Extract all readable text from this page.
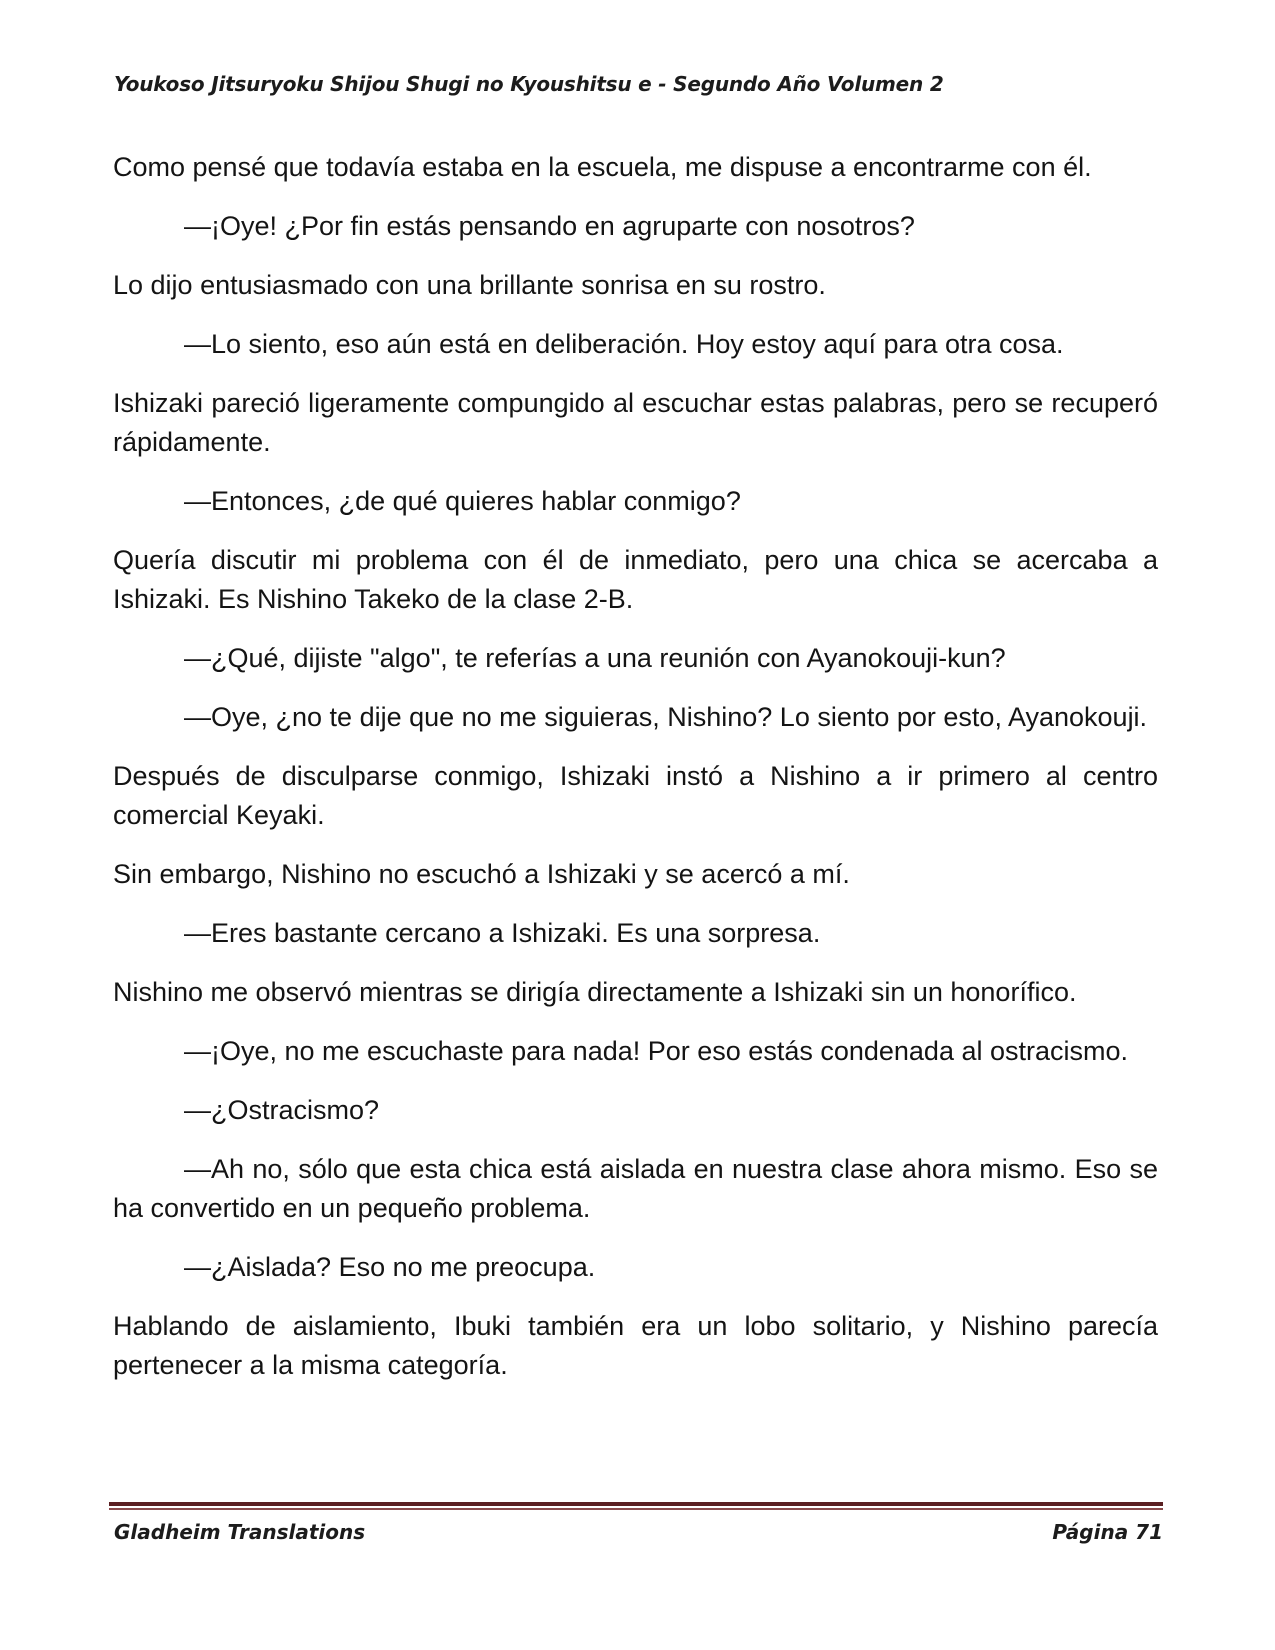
Youkoso Jitsuryoku Shijou Shugi no Kyoushitsu e - Segundo Año Volumen 2

Como pensé que todavía estaba en la escuela, me dispuse a encontrarme con él.

—¡Oye! ¿Por fin estás pensando en agruparte con nosotros?

Lo dijo entusiasmado con una brillante sonrisa en su rostro.

—Lo siento, eso aún está en deliberación. Hoy estoy aquí para otra cosa.

Ishizaki pareció ligeramente compungido al escuchar estas palabras, pero se recuperó rápidamente.

—Entonces, ¿de qué quieres hablar conmigo?

Quería discutir mi problema con él de inmediato, pero una chica se acercaba a Ishizaki. Es Nishino Takeko de la clase 2-B.

—¿Qué, dijiste "algo", te referías a una reunión con Ayanokouji-kun?

—Oye, ¿no te dije que no me siguieras, Nishino? Lo siento por esto, Ayanokouji.

Después de disculparse conmigo, Ishizaki instó a Nishino a ir primero al centro comercial Keyaki.

Sin embargo, Nishino no escuchó a Ishizaki y se acercó a mí.

—Eres bastante cercano a Ishizaki. Es una sorpresa.

Nishino me observó mientras se dirigía directamente a Ishizaki sin un honorífico.

—¡Oye, no me escuchaste para nada! Por eso estás condenada al ostracismo.

—¿Ostracismo?

—Ah no, sólo que esta chica está aislada en nuestra clase ahora mismo. Eso se ha convertido en un pequeño problema.

—¿Aislada? Eso no me preocupa.

Hablando de aislamiento, Ibuki también era un lobo solitario, y Nishino parecía pertenecer a la misma categoría.

Gladheim Translations	Página 71
